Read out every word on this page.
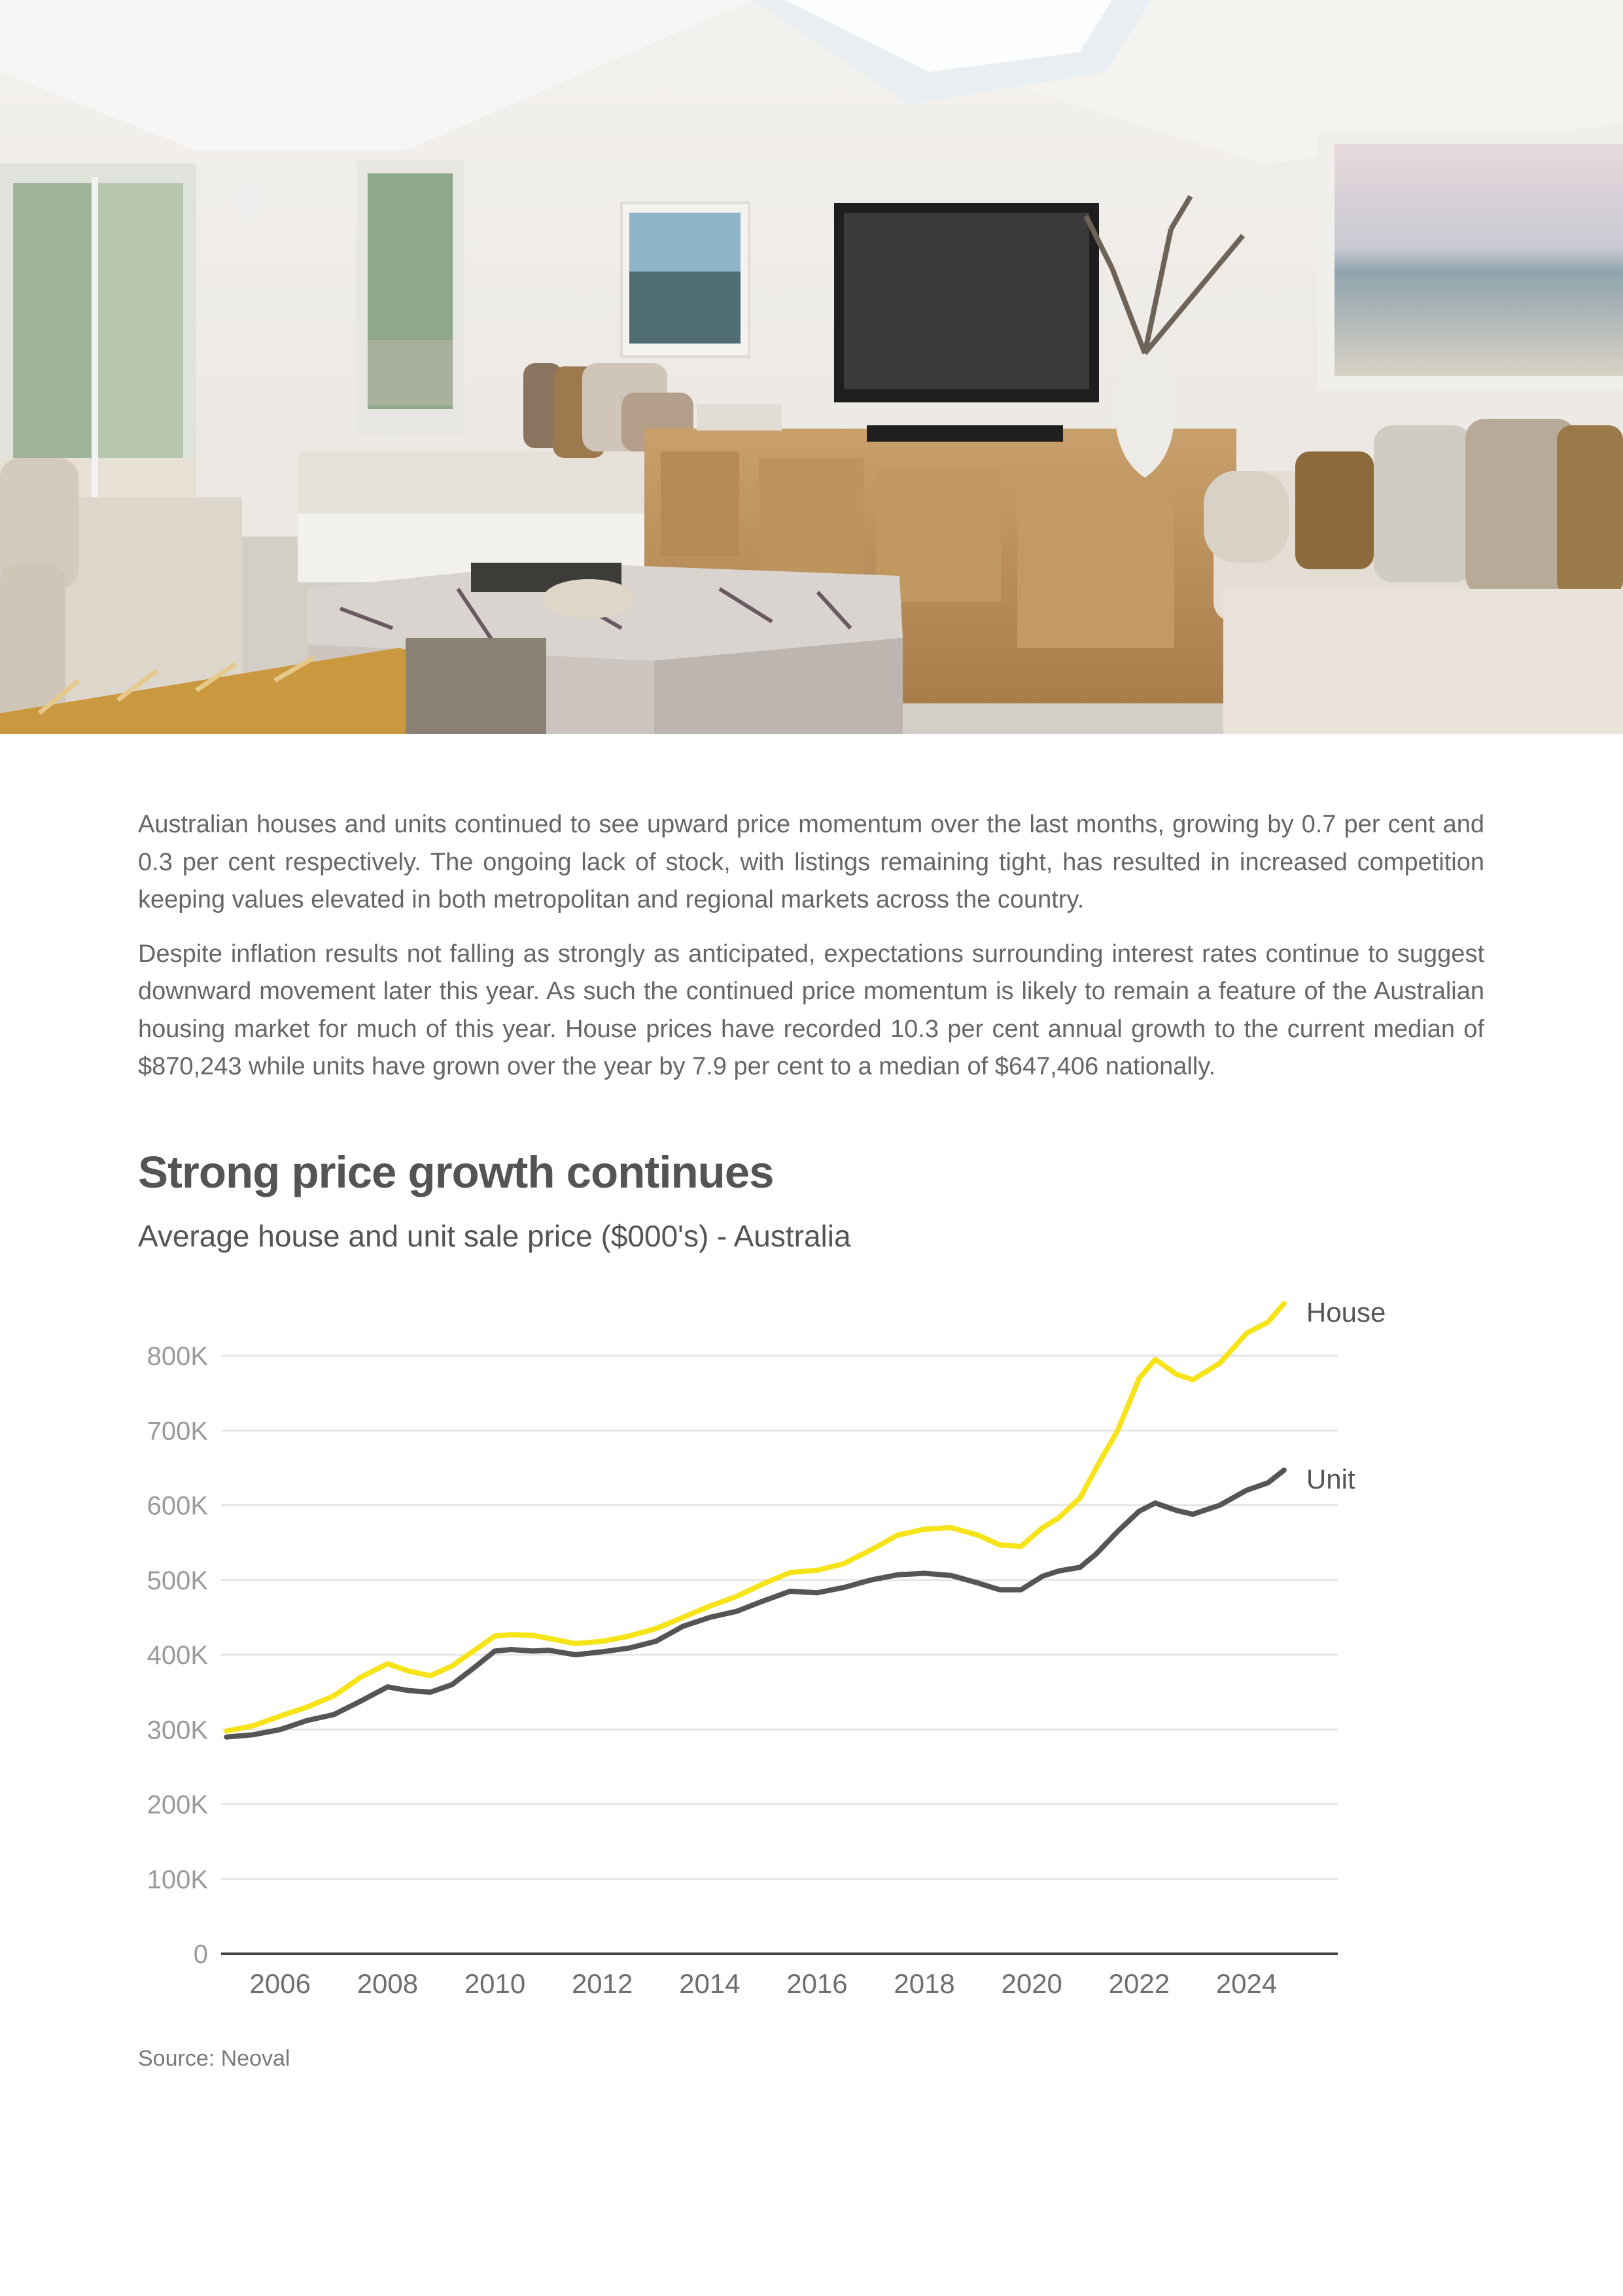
Australian houses and units continued to see upward price momentum over the last months, growing by 0.7 per cent and 0.3 per cent respectively. The ongoing lack of stock, with listings remaining tight, has resulted in increased competition keeping values elevated in both metropolitan and regional markets across the country.

Despite inflation results not falling as strongly as anticipated, expectations surrounding interest rates continue to suggest downward movement later this year. As such the continued price momentum is likely to remain a feature of the Australian housing market for much of this year. House prices have recorded 10.3 per cent annual growth to the current median of $870,243 while units have grown over the year by 7.9 per cent to a median of $647,406 nationally.

Strong price growth continues
Average house and unit sale price ($000's) - Australia
0
100K
200K
300K
400K
500K
600K
700K
800K
2006 2008 2010 2012 2014 2016 2018 2020 2022 2024
House
Unit
Source: Neoval
